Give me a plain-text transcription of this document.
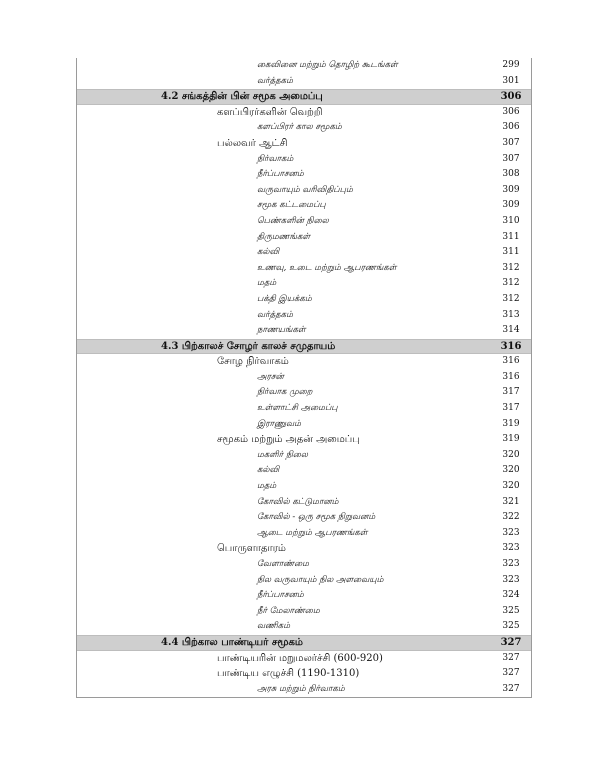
கைவினை மற்றும் தொழிற் கூடங்கள்	299
வர்த்தகம்	301
4.2 சங்கத்தின் பின் சமூக அமைப்பு	306
களப்பிரர்களின் வெற்றி	306
களப்பிரர் கால சமூகம்	306
பல்லவர் ஆட்சி	307
நிர்வாகம்	307
நீர்ப்பாசனம்	308
வருவாயும் வரிவிதிப்பும்	309
சமூக கட்டமைப்பு	309
பெண்களின் நிலை	310
திருமணங்கள்	311
கல்வி	311
உணவு, உடை மற்றும் ஆபரணங்கள்	312
மதம்	312
பக்தி இயக்கம்	312
வர்த்தகம்	313
நாணயங்கள்	314
4.3 பிற்காலச் சோழர் காலச் சமுதாயம்	316
சோழ நிர்வாகம்	316
அரசன்	316
நிர்வாக முறை	317
உள்ளாட்சி அமைப்பு	317
இராணுவம்	319
சமூகம் மற்றும் அதன் அமைப்பு	319
மகளிர் நிலை	320
கல்வி	320
மதம்	320
கோவில் கட்டுமானம்	321
கோவில் - ஒரு சமூக நிறுவனம்	322
ஆடை மற்றும் ஆபரணங்கள்	323
பொருளாதாரம்	323
வேளாண்மை	323
நில வருவாயும் நில அளவையும்	323
நீர்ப்பாசனம்	324
நீர் மேலாண்மை	325
வணிகம்	325
4.4 பிற்கால பாண்டியர் சமூகம்	327
பாண்டியரின் மறுமலர்ச்சி (600-920)	327
பாண்டிய எழுச்சி (1190-1310)	327
அரசு மற்றும் நிர்வாகம்	327
